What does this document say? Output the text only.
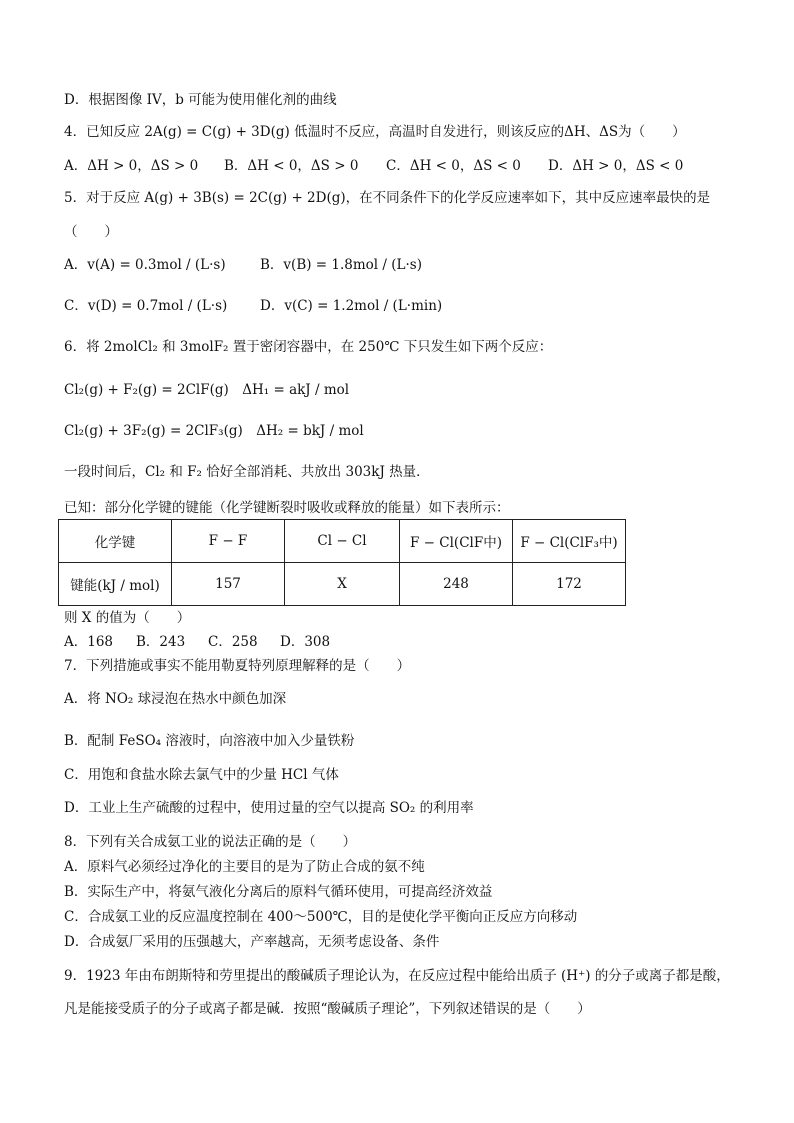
D．根据图像 IV，b 可能为使用催化剂的曲线
4．已知反应 2A(g) = C(g) + 3D(g) 低温时不反应，高温时自发进行，则该反应的ΔH、ΔS为（　　）
A．ΔH > 0，ΔS > 0 B．ΔH < 0，ΔS > 0 C．ΔH < 0，ΔS < 0 D．ΔH > 0，ΔS < 0
5．对于反应 A(g) + 3B(s) = 2C(g) + 2D(g)，在不同条件下的化学反应速率如下，其中反应速率最快的是
（　　）
A．v(A) = 0.3mol / (L·s)	B．v(B) = 1.8mol / (L·s)
C．v(D) = 0.7mol / (L·s) D．v(C) = 1.2mol / (L·min)
6．将 2molCl₂ 和 3molF₂ 置于密闭容器中，在 250℃ 下只发生如下两个反应：
Cl₂(g) + F₂(g) = 2ClF(g)　ΔH₁ = akJ / mol
Cl₂(g) + 3F₂(g) = 2ClF₃(g)　ΔH₂ = bkJ / mol
一段时间后，Cl₂ 和 F₂ 恰好全部消耗、共放出 303kJ 热量．
已知：部分化学键的键能（化学键断裂时吸收或释放的能量）如下表所示：
化学键	F − F	Cl − Cl	F − Cl(ClF中)	F − Cl(ClF₃中)
键能(kJ / mol)	157	X	248	172
则 X 的值为（　　）
A．168 B．243 C．258 D．308
7．下列措施或事实不能用勒夏特列原理解释的是（　　）
A．将 NO₂ 球浸泡在热水中颜色加深
B．配制 FeSO₄ 溶液时，向溶液中加入少量铁粉
C．用饱和食盐水除去氯气中的少量 HCl 气体
D．工业上生产硫酸的过程中，使用过量的空气以提高 SO₂ 的利用率
8．下列有关合成氨工业的说法正确的是（　　）
A．原料气必须经过净化的主要目的是为了防止合成的氨不纯
B．实际生产中，将氨气液化分离后的原料气循环使用，可提高经济效益
C．合成氨工业的反应温度控制在 400～500℃，目的是使化学平衡向正反应方向移动
D．合成氨厂采用的压强越大，产率越高，无须考虑设备、条件
9．1923 年由布朗斯特和劳里提出的酸碱质子理论认为，在反应过程中能给出质子 (H⁺) 的分子或离子都是酸，
凡是能接受质子的分子或离子都是碱．按照“酸碱质子理论”，下列叙述错误的是（　　）
